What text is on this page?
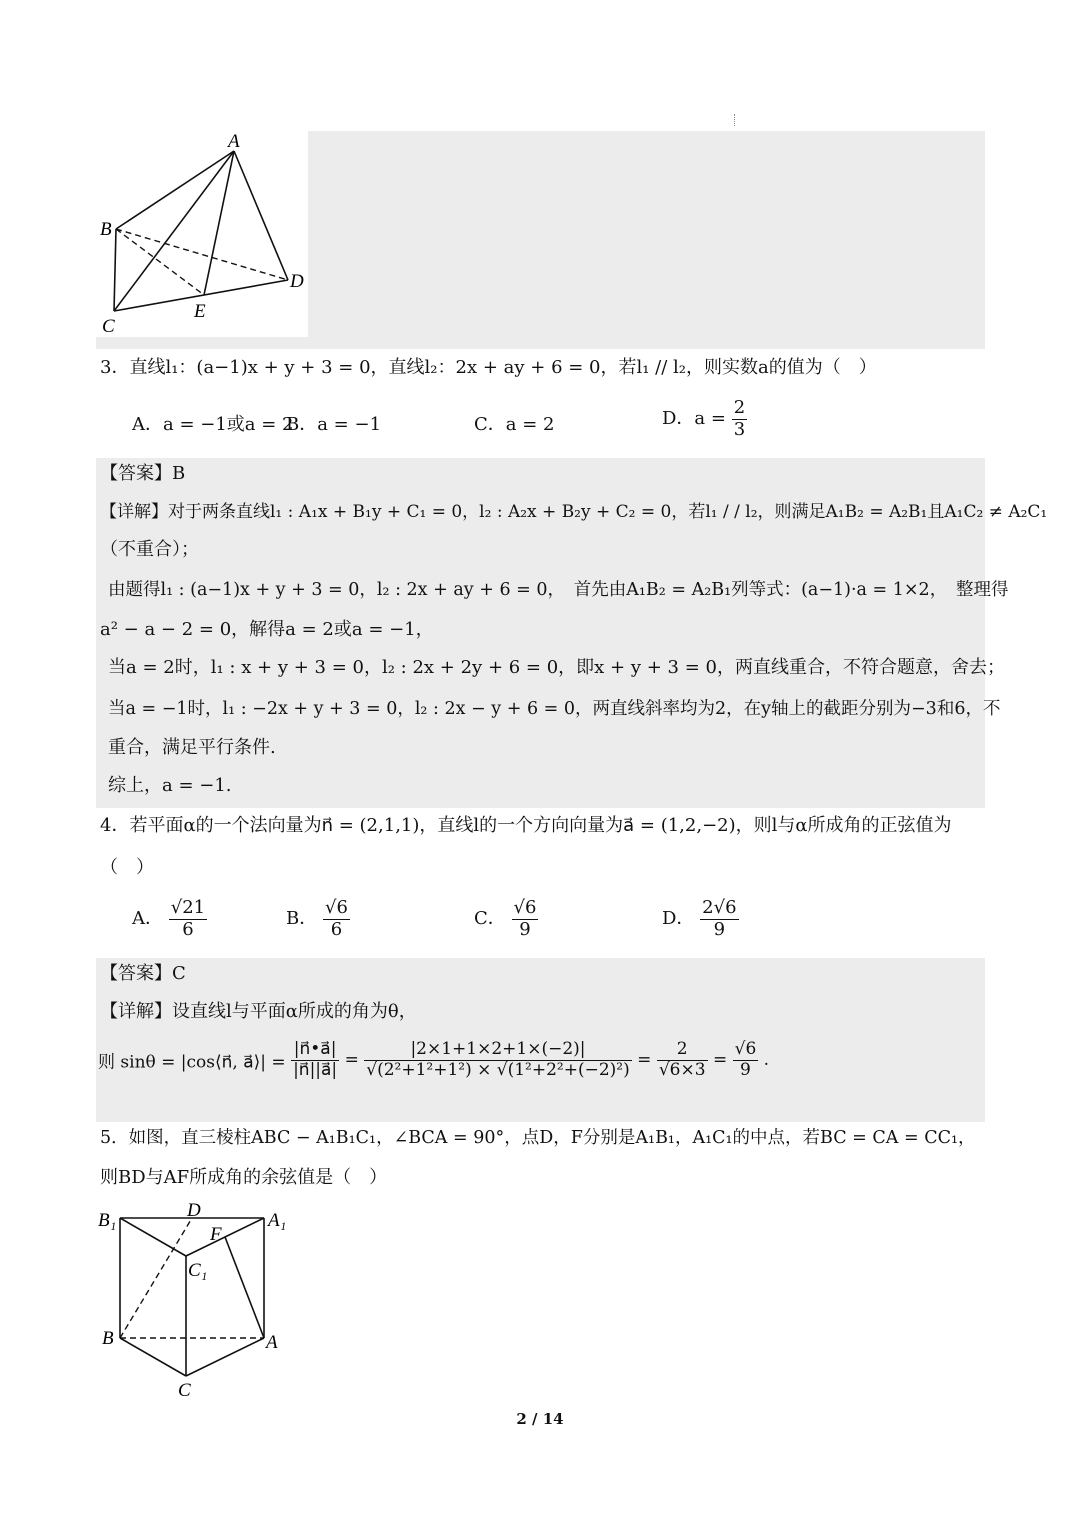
A
B
C
D
E
3．直线l₁：(a−1)x + y + 3 = 0，直线l₂：2x + ay + 6 = 0，若l₁ // l₂，则实数a的值为（　）
A．a = −1或a = 2
B．a = −1	C．a = 2	D．$a = \frac{2}{3}$
【答案】B
【详解】对于两条直线l₁ : A₁x + B₁y + C₁ = 0，l₂ : A₂x + B₂y + C₂ = 0，若l₁ / / l₂，则满足A₁B₂ = A₂B₁且A₁C₂ ≠ A₂C₁
（不重合）；
由题得l₁ : (a−1)x + y + 3 = 0，l₂ : 2x + ay + 6 = 0，　首先由A₁B₂ = A₂B₁列等式：(a−1)·a = 1×2，　整理得
a² − a − 2 = 0，解得a = 2或a = −1，
当a = 2时，l₁ : x + y + 3 = 0，l₂ : 2x + 2y + 6 = 0，即x + y + 3 = 0，两直线重合，不符合题意，舍去；
当a = −1时，l₁ : −2x + y + 3 = 0，l₂ : 2x − y + 6 = 0，两直线斜率均为2，在y轴上的截距分别为−3和6，不
重合，满足平行条件.
综上，a = −1.
4．若平面α的一个法向量为n⃗ = (2,1,1)，直线l的一个方向向量为a⃗ = (1,2,−2)，则l与α所成角的正弦值为
（　）
A． $\frac{√21}{6}$	B． $\frac{√6}{6}$	C． $\frac{√6}{9}$	D． $\frac{2√6}{9}$
【答案】C
【详解】设直线l与平面α所成的角为θ，
则 sinθ = |cos⟨n⃗, a⃗⟩| = $\frac{|n⃗•a⃗|}{|n⃗||a⃗|} = \frac{|2\times 1+1\times 2+1\times(-2)|}{\text{√(2²+1²+1²) × √(1²+2²+(−2)²)}} = \frac{2}{√6\times 3} = \frac{√6}{9}$ .
5．如图，直三棱柱ABC − A₁B₁C₁，∠BCA = 90°，点D，F分别是A₁B₁，A₁C₁的中点，若BC = CA = CC₁，
则BD与AF所成角的余弦值是（　）
B₁	D	A₁
F
C₁
B	A
C
2 / 14
